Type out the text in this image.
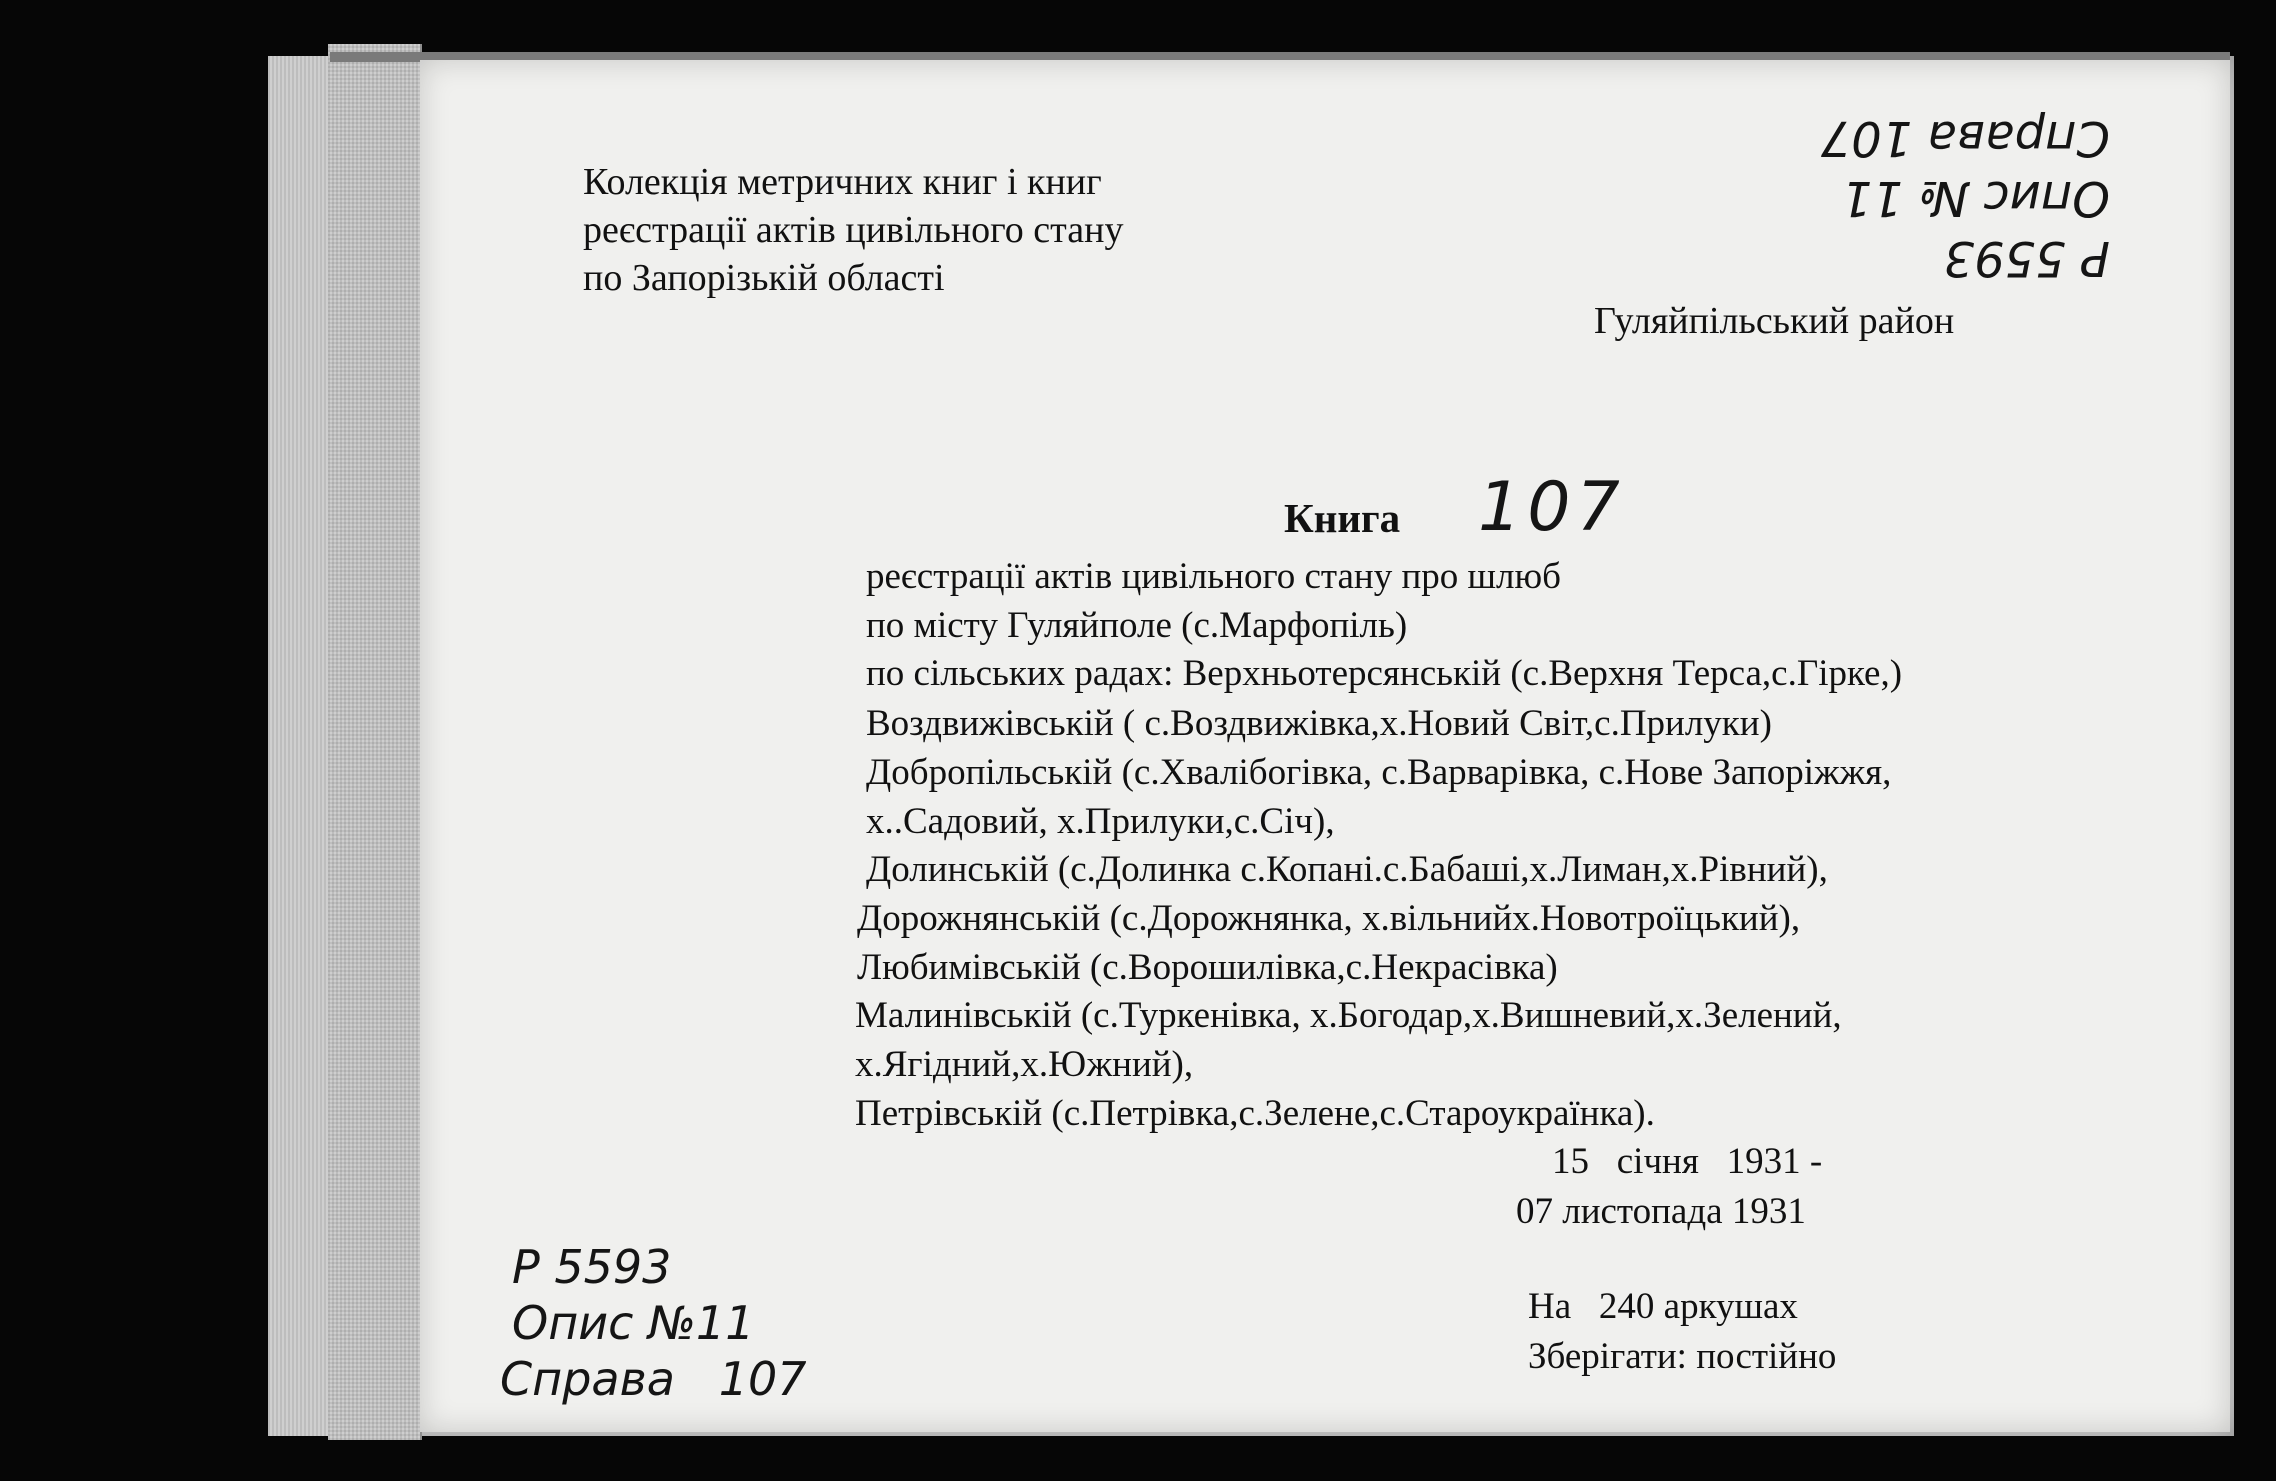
Колекція метричних книг і книг
реєстрації актів цивільного стану
по Запорізькій області	Р 5593
Опис № 11
Справа 107
Гуляйпільський район
Книга 107
реєстрації актів цивільного стану про шлюб
по місту Гуляйполе (с.Марфопіль)
по сільських радах: Верхньотерсянській (с.Верхня Терса,с.Гірке,)
Воздвижівській ( с.Воздвижівка,х.Новий Світ,с.Прилуки)
Добропільській (с.Хвалібогівка, с.Варварівка, с.Нове Запоріжжя,
х..Садовий, х.Прилуки,с.Січ),
Долинській (с.Долинка с.Копані.с.Бабаші,х.Лиман,х.Рівний),
Дорожнянській (с.Дорожнянка, х.вільнийх.Новотроїцький),
Любимівській (с.Ворошилівка,с.Некрасівка)
Малинівській (с.Туркенівка, х.Богодар,х.Вишневий,х.Зелений,
х.Ягідний,х.Южний),
Петрівській (с.Петрівка,с.Зелене,с.Староукраїнка).
15   січня   1931 -
07 листопада 1931
На   240 аркушах
Зберігати: постійно
Р 5593
Опис №11
Справа   107
